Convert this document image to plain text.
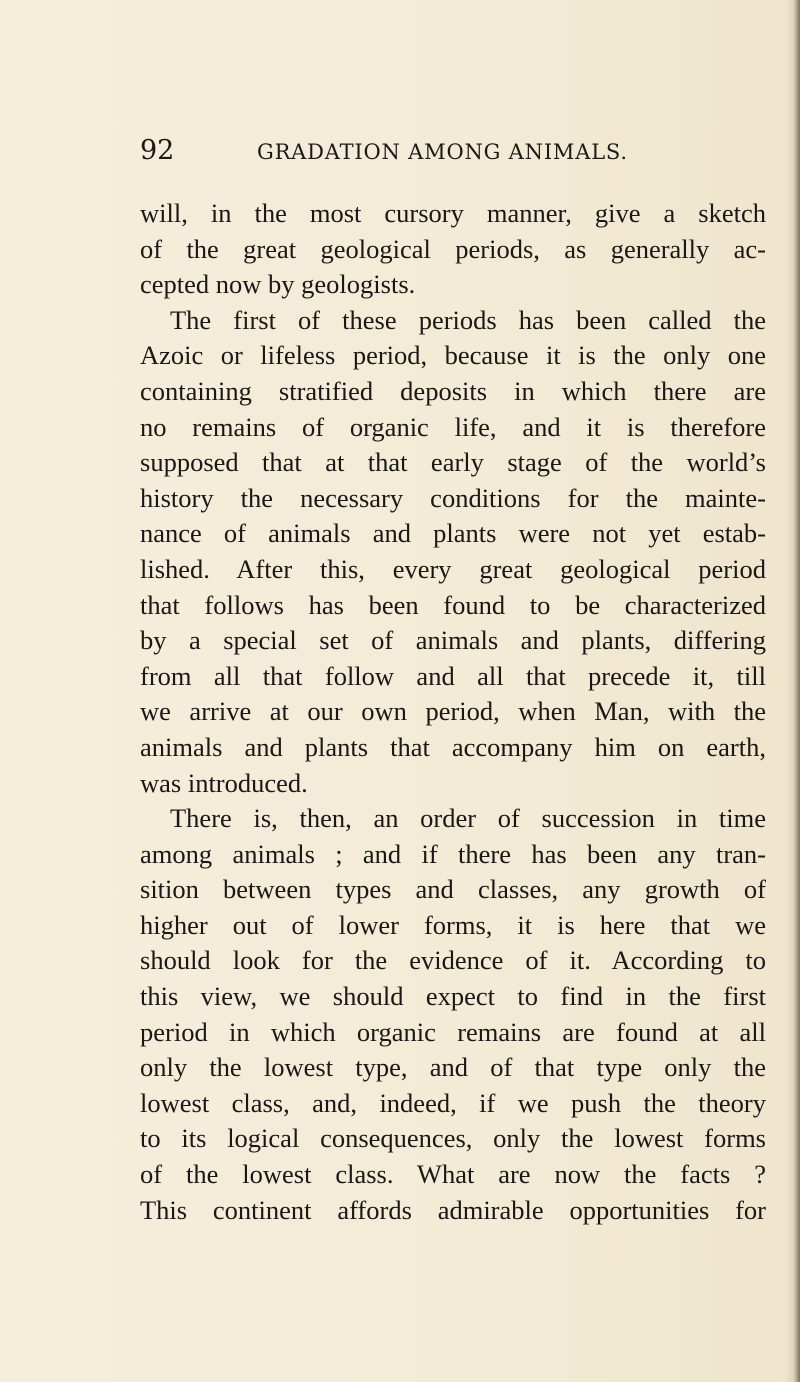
92	GRADATION AMONG ANIMALS.
will, in the most cursory manner, give a sketch
of the great geological periods, as generally ac-
cepted now by geologists.
The first of these periods has been called the
Azoic or lifeless period, because it is the only one
containing stratified deposits in which there are
no remains of organic life, and it is therefore
supposed that at that early stage of the world’s
history the necessary conditions for the mainte-
nance of animals and plants were not yet estab-
lished. After this, every great geological period
that follows has been found to be characterized
by a special set of animals and plants, differing
from all that follow and all that precede it, till
we arrive at our own period, when Man, with the
animals and plants that accompany him on earth,
was introduced.
There is, then, an order of succession in time
among animals ; and if there has been any tran-
sition between types and classes, any growth of
higher out of lower forms, it is here that we
should look for the evidence of it. According to
this view, we should expect to find in the first
period in which organic remains are found at all
only the lowest type, and of that type only the
lowest class, and, indeed, if we push the theory
to its logical consequences, only the lowest forms
of the lowest class. What are now the facts ?
This continent affords admirable opportunities for
